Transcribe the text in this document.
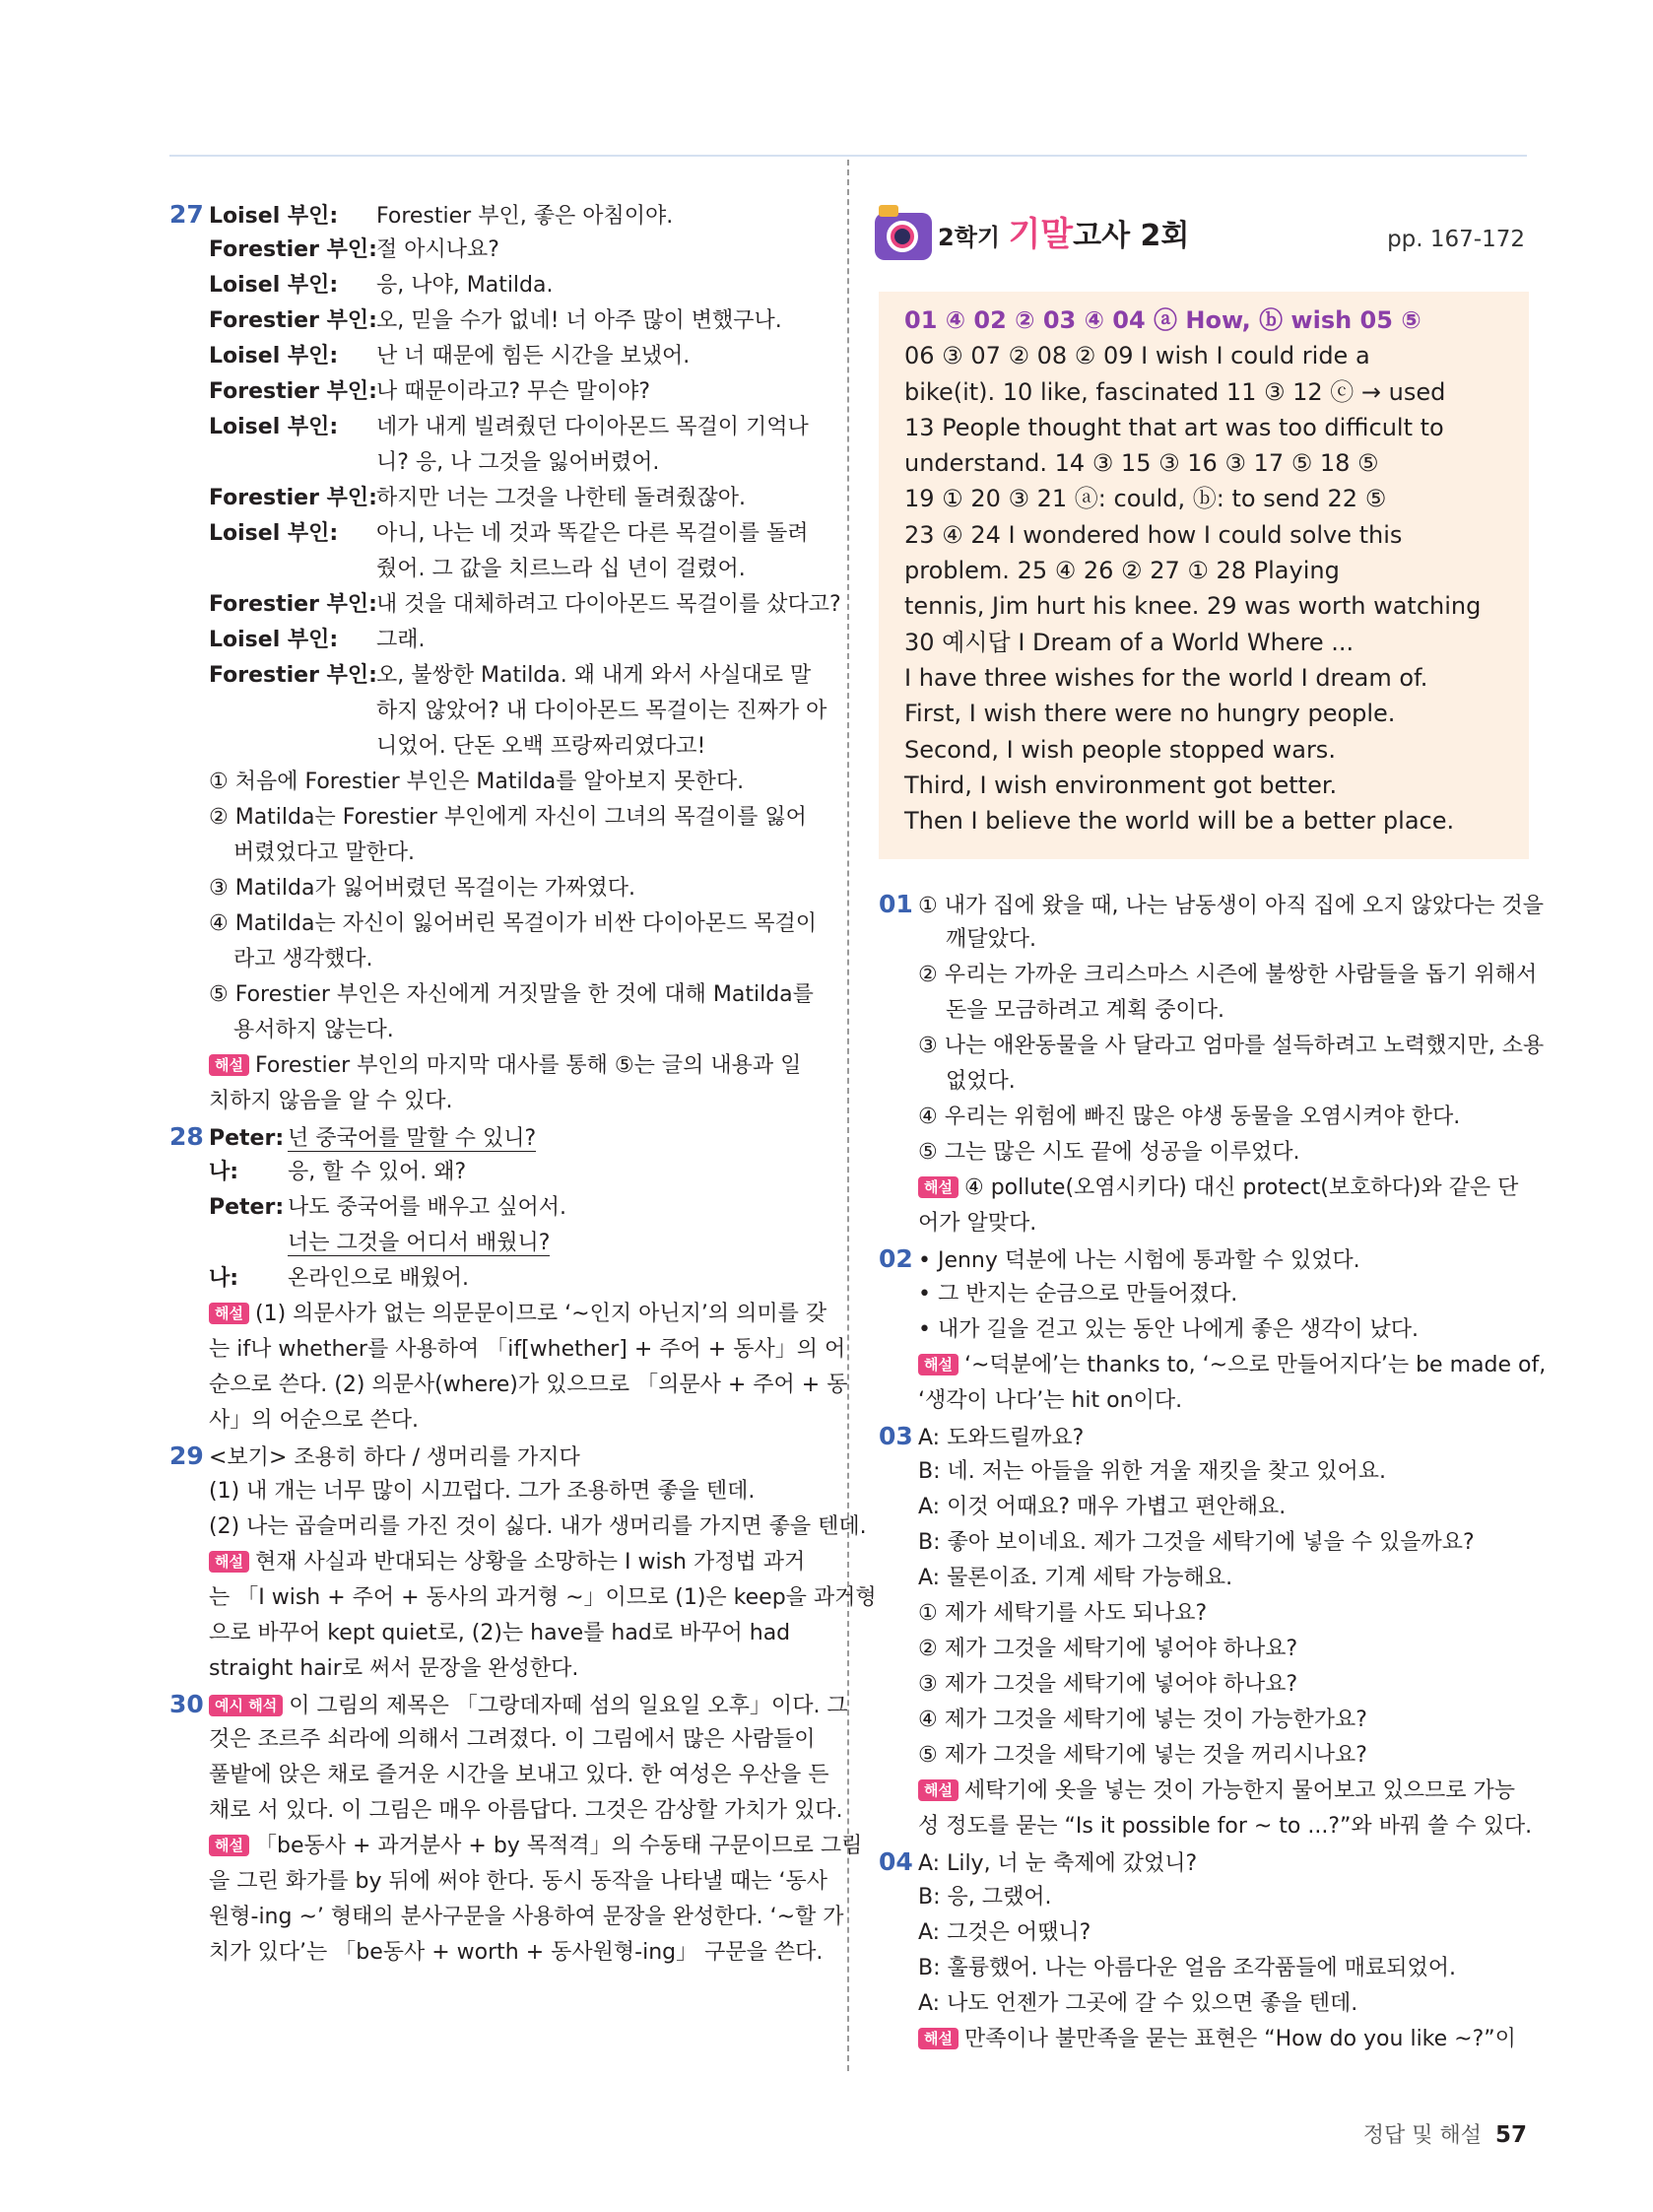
27 Loisel 부인: Forestier 부인, 좋은 아침이야.
Forestier 부인:절 아시나요?
Loisel 부인: 응, 나야, Matilda.
Forestier 부인:오, 믿을 수가 없네! 너 아주 많이 변했구나.
Loisel 부인: 난 너 때문에 힘든 시간을 보냈어.
Forestier 부인:나 때문이라고? 무슨 말이야?
Loisel 부인: 네가 내게 빌려줬던 다이아몬드 목걸이 기억나
니? 응, 나 그것을 잃어버렸어.
Forestier 부인:하지만 너는 그것을 나한테 돌려줬잖아.
Loisel 부인: 아니, 나는 네 것과 똑같은 다른 목걸이를 돌려
줬어. 그 값을 치르느라 십 년이 걸렸어.
Forestier 부인:내 것을 대체하려고 다이아몬드 목걸이를 샀다고?
Loisel 부인: 그래.
Forestier 부인:오, 불쌍한 Matilda. 왜 내게 와서 사실대로 말
하지 않았어? 내 다이아몬드 목걸이는 진짜가 아
니었어. 단돈 오백 프랑짜리였다고!
① 처음에 Forestier 부인은 Matilda를 알아보지 못한다.
② Matilda는 Forestier 부인에게 자신이 그녀의 목걸이를 잃어
버렸었다고 말한다.
③ Matilda가 잃어버렸던 목걸이는 가짜였다.
④ Matilda는 자신이 잃어버린 목걸이가 비싼 다이아몬드 목걸이
라고 생각했다.
⑤ Forestier 부인은 자신에게 거짓말을 한 것에 대해 Matilda를
용서하지 않는다.
해설 Forestier 부인의 마지막 대사를 통해 ⑤는 글의 내용과 일
치하지 않음을 알 수 있다.
28 Peter: 넌 중국어를 말할 수 있니?
나: 응, 할 수 있어. 왜?
Peter: 나도 중국어를 배우고 싶어서.
너는 그것을 어디서 배웠니?
나: 온라인으로 배웠어.
해설 (1) 의문사가 없는 의문문이므로 ‘~인지 아닌지’의 의미를 갖
는 if나 whether를 사용하여 「if[whether] + 주어 + 동사」의 어
순으로 쓴다. (2) 의문사(where)가 있으므로 「의문사 + 주어 + 동
사」의 어순으로 쓴다.
29 <보기> 조용히 하다 / 생머리를 가지다
(1) 내 개는 너무 많이 시끄럽다. 그가 조용하면 좋을 텐데.
(2) 나는 곱슬머리를 가진 것이 싫다. 내가 생머리를 가지면 좋을 텐데.
해설 현재 사실과 반대되는 상황을 소망하는 I wish 가정법 과거
는 「I wish + 주어 + 동사의 과거형 ~」이므로 (1)은 keep을 과거형
으로 바꾸어 kept quiet로, (2)는 have를 had로 바꾸어 had
straight hair로 써서 문장을 완성한다.
30 예시 해석 이 그림의 제목은 「그랑데자떼 섬의 일요일 오후」이다. 그
것은 조르주 쇠라에 의해서 그려졌다. 이 그림에서 많은 사람들이
풀밭에 앉은 채로 즐거운 시간을 보내고 있다. 한 여성은 우산을 든
채로 서 있다. 이 그림은 매우 아름답다. 그것은 감상할 가치가 있다.
해설 「be동사 + 과거분사 + by 목적격」의 수동태 구문이므로 그림
을 그린 화가를 by 뒤에 써야 한다. 동시 동작을 나타낼 때는 ‘동사
원형-ing ~’ 형태의 분사구문을 사용하여 문장을 완성한다. ‘~할 가
치가 있다’는 「be동사 + worth + 동사원형-ing」 구문을 쓴다.
2학기 기말고사 2회	pp. 167-172
01 ④ 02 ② 03 ④ 04 ⓐ How, ⓑ wish 05 ⑤
06 ③ 07 ② 08 ② 09 I wish I could ride a
bike(it). 10 like, fascinated 11 ③ 12 ⓒ → used
13 People thought that art was too difficult to
understand. 14 ③ 15 ③ 16 ③ 17 ⑤ 18 ⑤
19 ① 20 ③ 21 ⓐ: could, ⓑ: to send 22 ⑤
23 ④ 24 I wondered how I could solve this
problem. 25 ④ 26 ② 27 ① 28 Playing
tennis, Jim hurt his knee. 29 was worth watching
30 예시답 I Dream of a World Where ...
I have three wishes for the world I dream of.
First, I wish there were no hungry people.
Second, I wish people stopped wars.
Third, I wish environment got better.
Then I believe the world will be a better place.
01 ① 내가 집에 왔을 때, 나는 남동생이 아직 집에 오지 않았다는 것을
깨달았다.
② 우리는 가까운 크리스마스 시즌에 불쌍한 사람들을 돕기 위해서
돈을 모금하려고 계획 중이다.
③ 나는 애완동물을 사 달라고 엄마를 설득하려고 노력했지만, 소용
없었다.
④ 우리는 위험에 빠진 많은 야생 동물을 오염시켜야 한다.
⑤ 그는 많은 시도 끝에 성공을 이루었다.
해설 ④ pollute(오염시키다) 대신 protect(보호하다)와 같은 단
어가 알맞다.
02 • Jenny 덕분에 나는 시험에 통과할 수 있었다.
• 그 반지는 순금으로 만들어졌다.
• 내가 길을 걷고 있는 동안 나에게 좋은 생각이 났다.
해설 ‘~덕분에’는 thanks to, ‘~으로 만들어지다’는 be made of,
‘생각이 나다’는 hit on이다.
03 A: 도와드릴까요?
B: 네. 저는 아들을 위한 겨울 재킷을 찾고 있어요.
A: 이것 어때요? 매우 가볍고 편안해요.
B: 좋아 보이네요. 제가 그것을 세탁기에 넣을 수 있을까요?
A: 물론이죠. 기계 세탁 가능해요.
① 제가 세탁기를 사도 되나요?
② 제가 그것을 세탁기에 넣어야 하나요?
③ 제가 그것을 세탁기에 넣어야 하나요?
④ 제가 그것을 세탁기에 넣는 것이 가능한가요?
⑤ 제가 그것을 세탁기에 넣는 것을 꺼리시나요?
해설 세탁기에 옷을 넣는 것이 가능한지 물어보고 있으므로 가능
성 정도를 묻는 “Is it possible for ~ to ...?”와 바꿔 쓸 수 있다.
04 A: Lily, 너 눈 축제에 갔었니?
B: 응, 그랬어.
A: 그것은 어땠니?
B: 훌륭했어. 나는 아름다운 얼음 조각품들에 매료되었어.
A: 나도 언젠가 그곳에 갈 수 있으면 좋을 텐데.
해설 만족이나 불만족을 묻는 표현은 “How do you like ~?”이
정답 및 해설 57
